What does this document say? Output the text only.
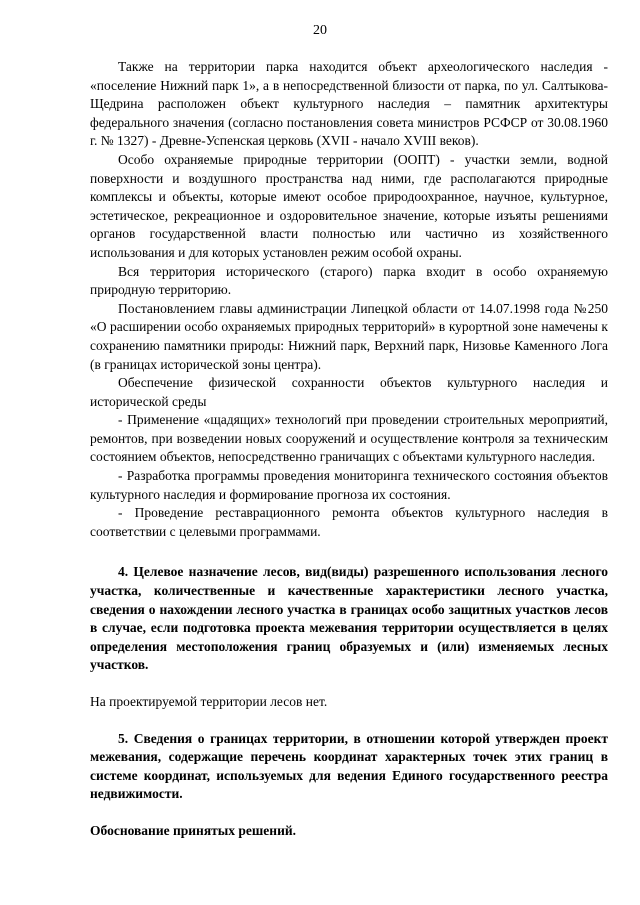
20

Также на территории парка находится объект археологического наследия - «поселение Нижний парк 1», а в непосредственной близости от парка, по ул. Салтыкова-Щедрина расположен объект культурного наследия – памятник архитектуры федерального значения (согласно постановления совета министров РСФСР от 30.08.1960 г. № 1327) - Древне-Успенская церковь (XVII - начало XVIII веков).

Особо охраняемые природные территории (ООПТ) - участки земли, водной поверхности и воздушного пространства над ними, где располагаются природные комплексы и объекты, которые имеют особое природоохранное, научное, культурное, эстетическое, рекреационное и оздоровительное значение, которые изъяты решениями органов государственной власти полностью или частично из хозяйственного использования и для которых установлен режим особой охраны.

Вся территория исторического (старого) парка входит в особо охраняемую природную территорию.

Постановлением главы администрации Липецкой области от 14.07.1998 года №250 «О расширении особо охраняемых природных территорий» в курортной зоне намечены к сохранению памятники природы: Нижний парк, Верхний парк, Низовье Каменного Лога (в границах исторической зоны центра).

Обеспечение физической сохранности объектов культурного наследия и исторической среды

- Применение «щадящих» технологий при проведении строительных мероприятий, ремонтов, при возведении новых сооружений и осуществление контроля за техническим состоянием объектов, непосредственно граничащих с объектами культурного наследия.

- Разработка программы проведения мониторинга технического состояния объектов культурного наследия и формирование прогноза их состояния.

- Проведение реставрационного ремонта объектов культурного наследия в соответствии с целевыми программами.

4. Целевое назначение лесов, вид(виды) разрешенного использования лесного участка, количественные и качественные характеристики лесного участка, сведения о нахождении лесного участка в границах особо защитных участков лесов в случае, если подготовка проекта межевания территории осуществляется в целях определения местоположения границ образуемых и (или) изменяемых лесных участков.

На проектируемой территории лесов нет.

5. Сведения о границах территории, в отношении которой утвержден проект межевания, содержащие перечень координат характерных точек этих границ в системе координат, используемых для ведения Единого государственного реестра недвижимости.

Обоснование принятых решений.
